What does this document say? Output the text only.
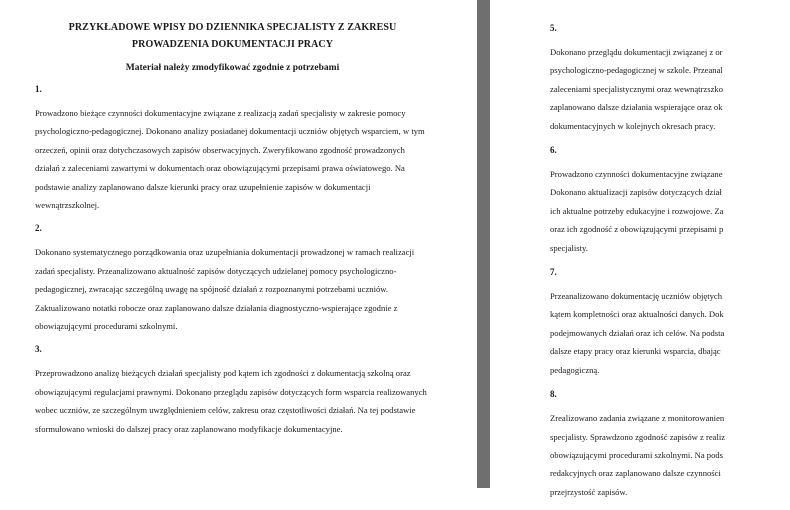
PRZYKŁADOWE WPISY DO DZIENNIKA SPECJALISTY Z ZAKRESU PROWADZENIA DOKUMENTACJI PRACY

Materiał należy zmodyfikować zgodnie z potrzebami

1.

Prowadzono bieżące czynności dokumentacyjne związane z realizacją zadań specjalisty w zakresie pomocy psychologiczno-pedagogicznej. Dokonano analizy posiadanej dokumentacji uczniów objętych wsparciem, w tym orzeczeń, opinii oraz dotychczasowych zapisów obserwacyjnych. Zweryfikowano zgodność prowadzonych działań z zaleceniami zawartymi w dokumentach oraz obowiązującymi przepisami prawa oświatowego. Na podstawie analizy zaplanowano dalsze kierunki pracy oraz uzupełnienie zapisów w dokumentacji wewnątrzszkolnej.

2.

Dokonano systematycznego porządkowania oraz uzupełniania dokumentacji prowadzonej w ramach realizacji zadań specjalisty. Przeanalizowano aktualność zapisów dotyczących udzielanej pomocy psychologiczno-pedagogicznej, zwracając szczególną uwagę na spójność działań z rozpoznanymi potrzebami uczniów. Zaktualizowano notatki robocze oraz zaplanowano dalsze działania diagnostyczno-wspierające zgodnie z obowiązującymi procedurami szkolnymi.

3.

Przeprowadzono analizę bieżących działań specjalisty pod kątem ich zgodności z dokumentacją szkolną oraz obowiązującymi regulacjami prawnymi. Dokonano przeglądu zapisów dotyczących form wsparcia realizowanych wobec uczniów, ze szczególnym uwzględnieniem celów, zakresu oraz częstotliwości działań. Na tej podstawie sformułowano wnioski do dalszej pracy oraz zaplanowano modyfikacje dokumentacyjne.

5.
Dokonano przeglądu dokumentacji związanej z or
psychologiczno-pedagogicznej w szkole. Przeanal
zaleceniami specjalistycznymi oraz wewnątrzszko
zaplanowano dalsze działania wspierające oraz ok
dokumentacyjnych w kolejnych okresach pracy.
6.
Prowadzono czynności dokumentacyjne związane
Dokonano aktualizacji zapisów dotyczących dział
ich aktualne potrzeby edukacyjne i rozwojowe. Za
oraz ich zgodność z obowiązującymi przepisami p
specjalisty.
7.
Przeanalizowano dokumentację uczniów objętych
kątem kompletności oraz aktualności danych. Dok
podejmowanych działań oraz ich celów. Na podsta
dalsze etapy pracy oraz kierunki wsparcia, dbając
pedagogiczną.
8.
Zrealizowano zadania związane z monitorowanien
specjalisty. Sprawdzono zgodność zapisów z realiz
obowiązującymi procedurami szkolnymi. Na pods
redakcyjnych oraz zaplanowano dalsze czynności
przejrzystość zapisów.
